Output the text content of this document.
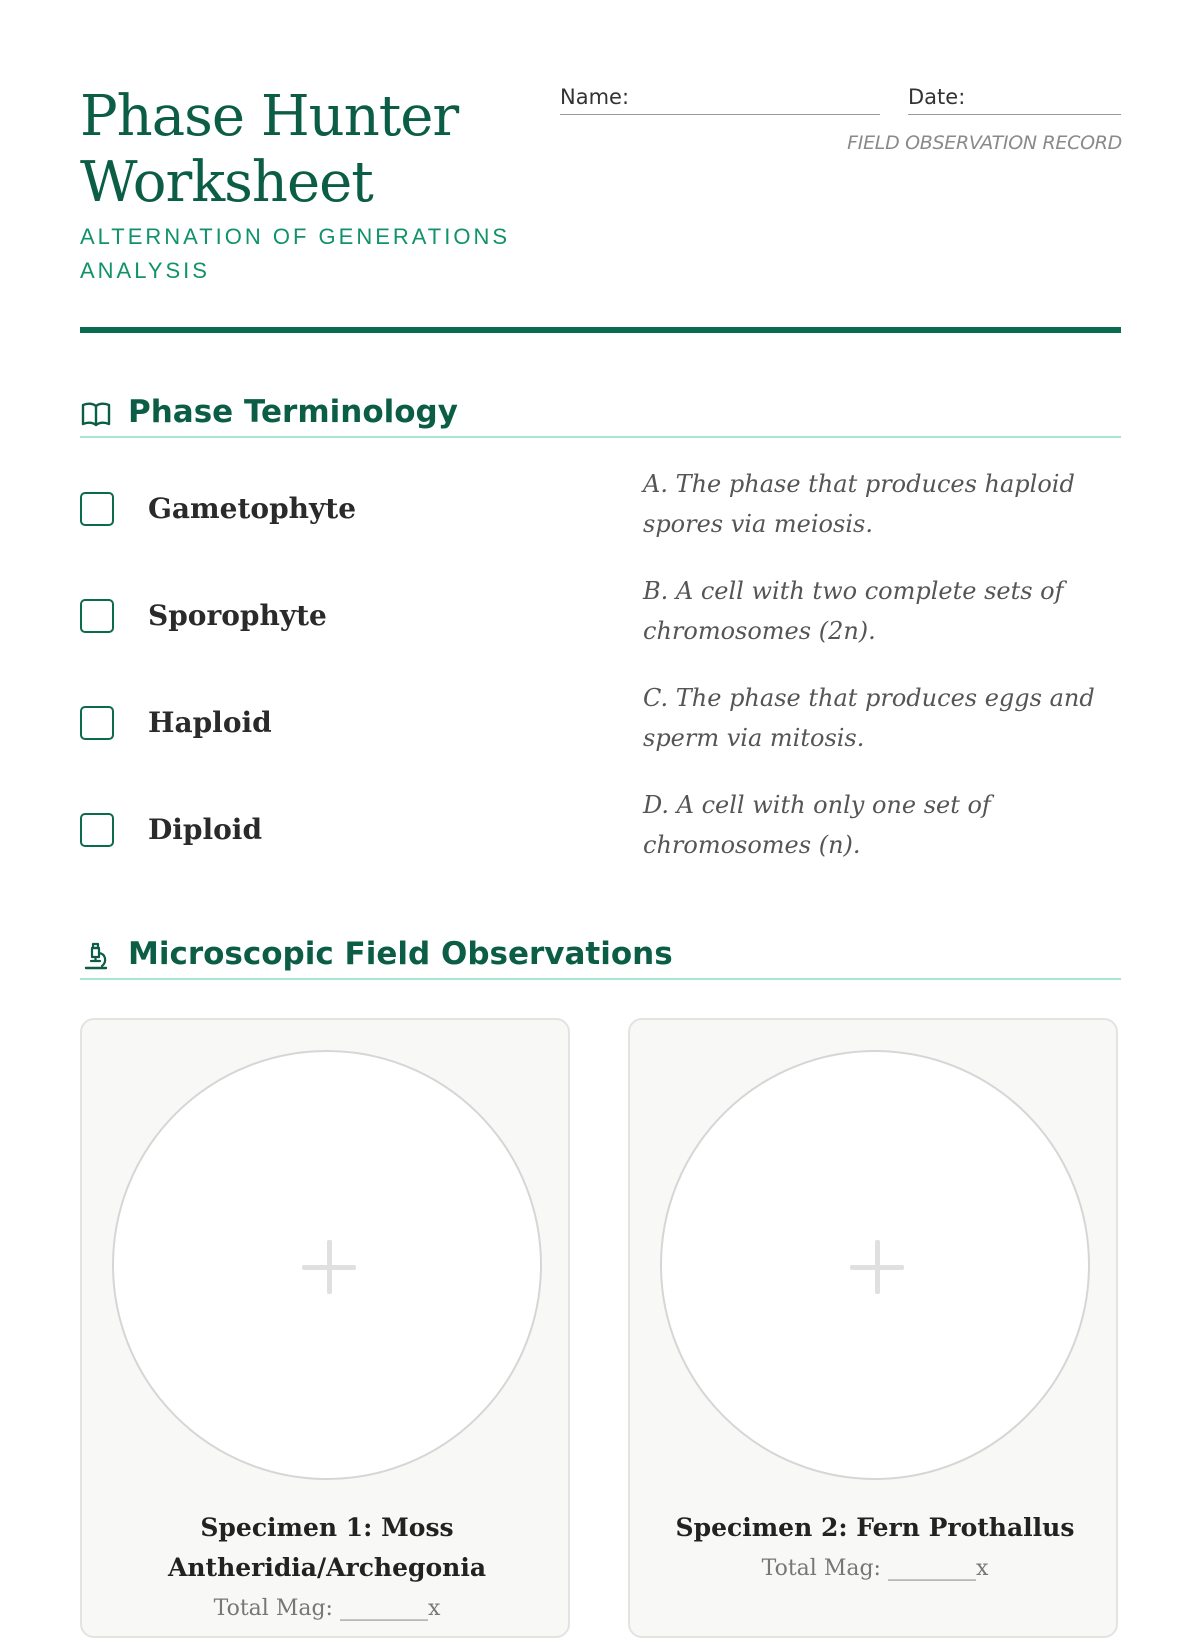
Phase Hunter Worksheet

ALTERNATION OF GENERATIONS ANALYSIS

Name:	Date:
FIELD OBSERVATION RECORD
Phase Terminology
Gametophyte
A. The phase that produces haploid spores via meiosis.
Sporophyte
B. A cell with two complete sets of chromosomes (2n).
Haploid
C. The phase that produces eggs and sperm via mitosis.
Diploid
D. A cell with only one set of chromosomes (n).
Microscopic Field Observations

Specimen 1: Moss Antheridia/Archegonia

Total Mag: ________x

Specimen 2: Fern Prothallus

Total Mag: ________x
